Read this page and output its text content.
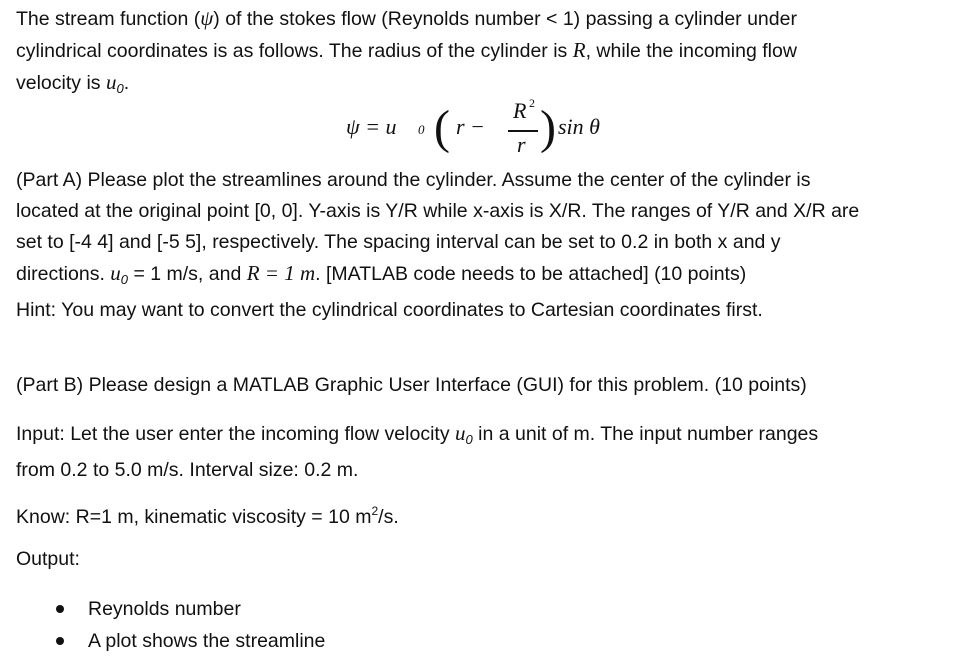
The stream function (ψ) of the stokes flow (Reynolds number < 1) passing a cylinder under
cylindrical coordinates is as follows. The radius of the cylinder is R, while the incoming flow
velocity is $u_0$.
ψ = u 0 ( r −
R 2
r ) sin θ
(Part A) Please plot the streamlines around the cylinder. Assume the center of the cylinder is
located at the original point [0, 0]. Y-axis is Y/R while x-axis is X/R. The ranges of Y/R and X/R are
set to [-4 4] and [-5 5], respectively. The spacing interval can be set to 0.2 in both x and y
directions. $u_0 = 1$ m/s, and R = 1 m. [MATLAB code needs to be attached] (10 points)
Hint: You may want to convert the cylindrical coordinates to Cartesian coordinates first.
(Part B) Please design a MATLAB Graphic User Interface (GUI) for this problem. (10 points)
Input: Let the user enter the incoming flow velocity $u_0$ in a unit of m. The input number ranges
from 0.2 to 5.0 m/s. Interval size: 0.2 m.
Know: R=1 m, kinematic viscosity = 10 $m^2/s$.
Output:
Reynolds number
A plot shows the streamline
